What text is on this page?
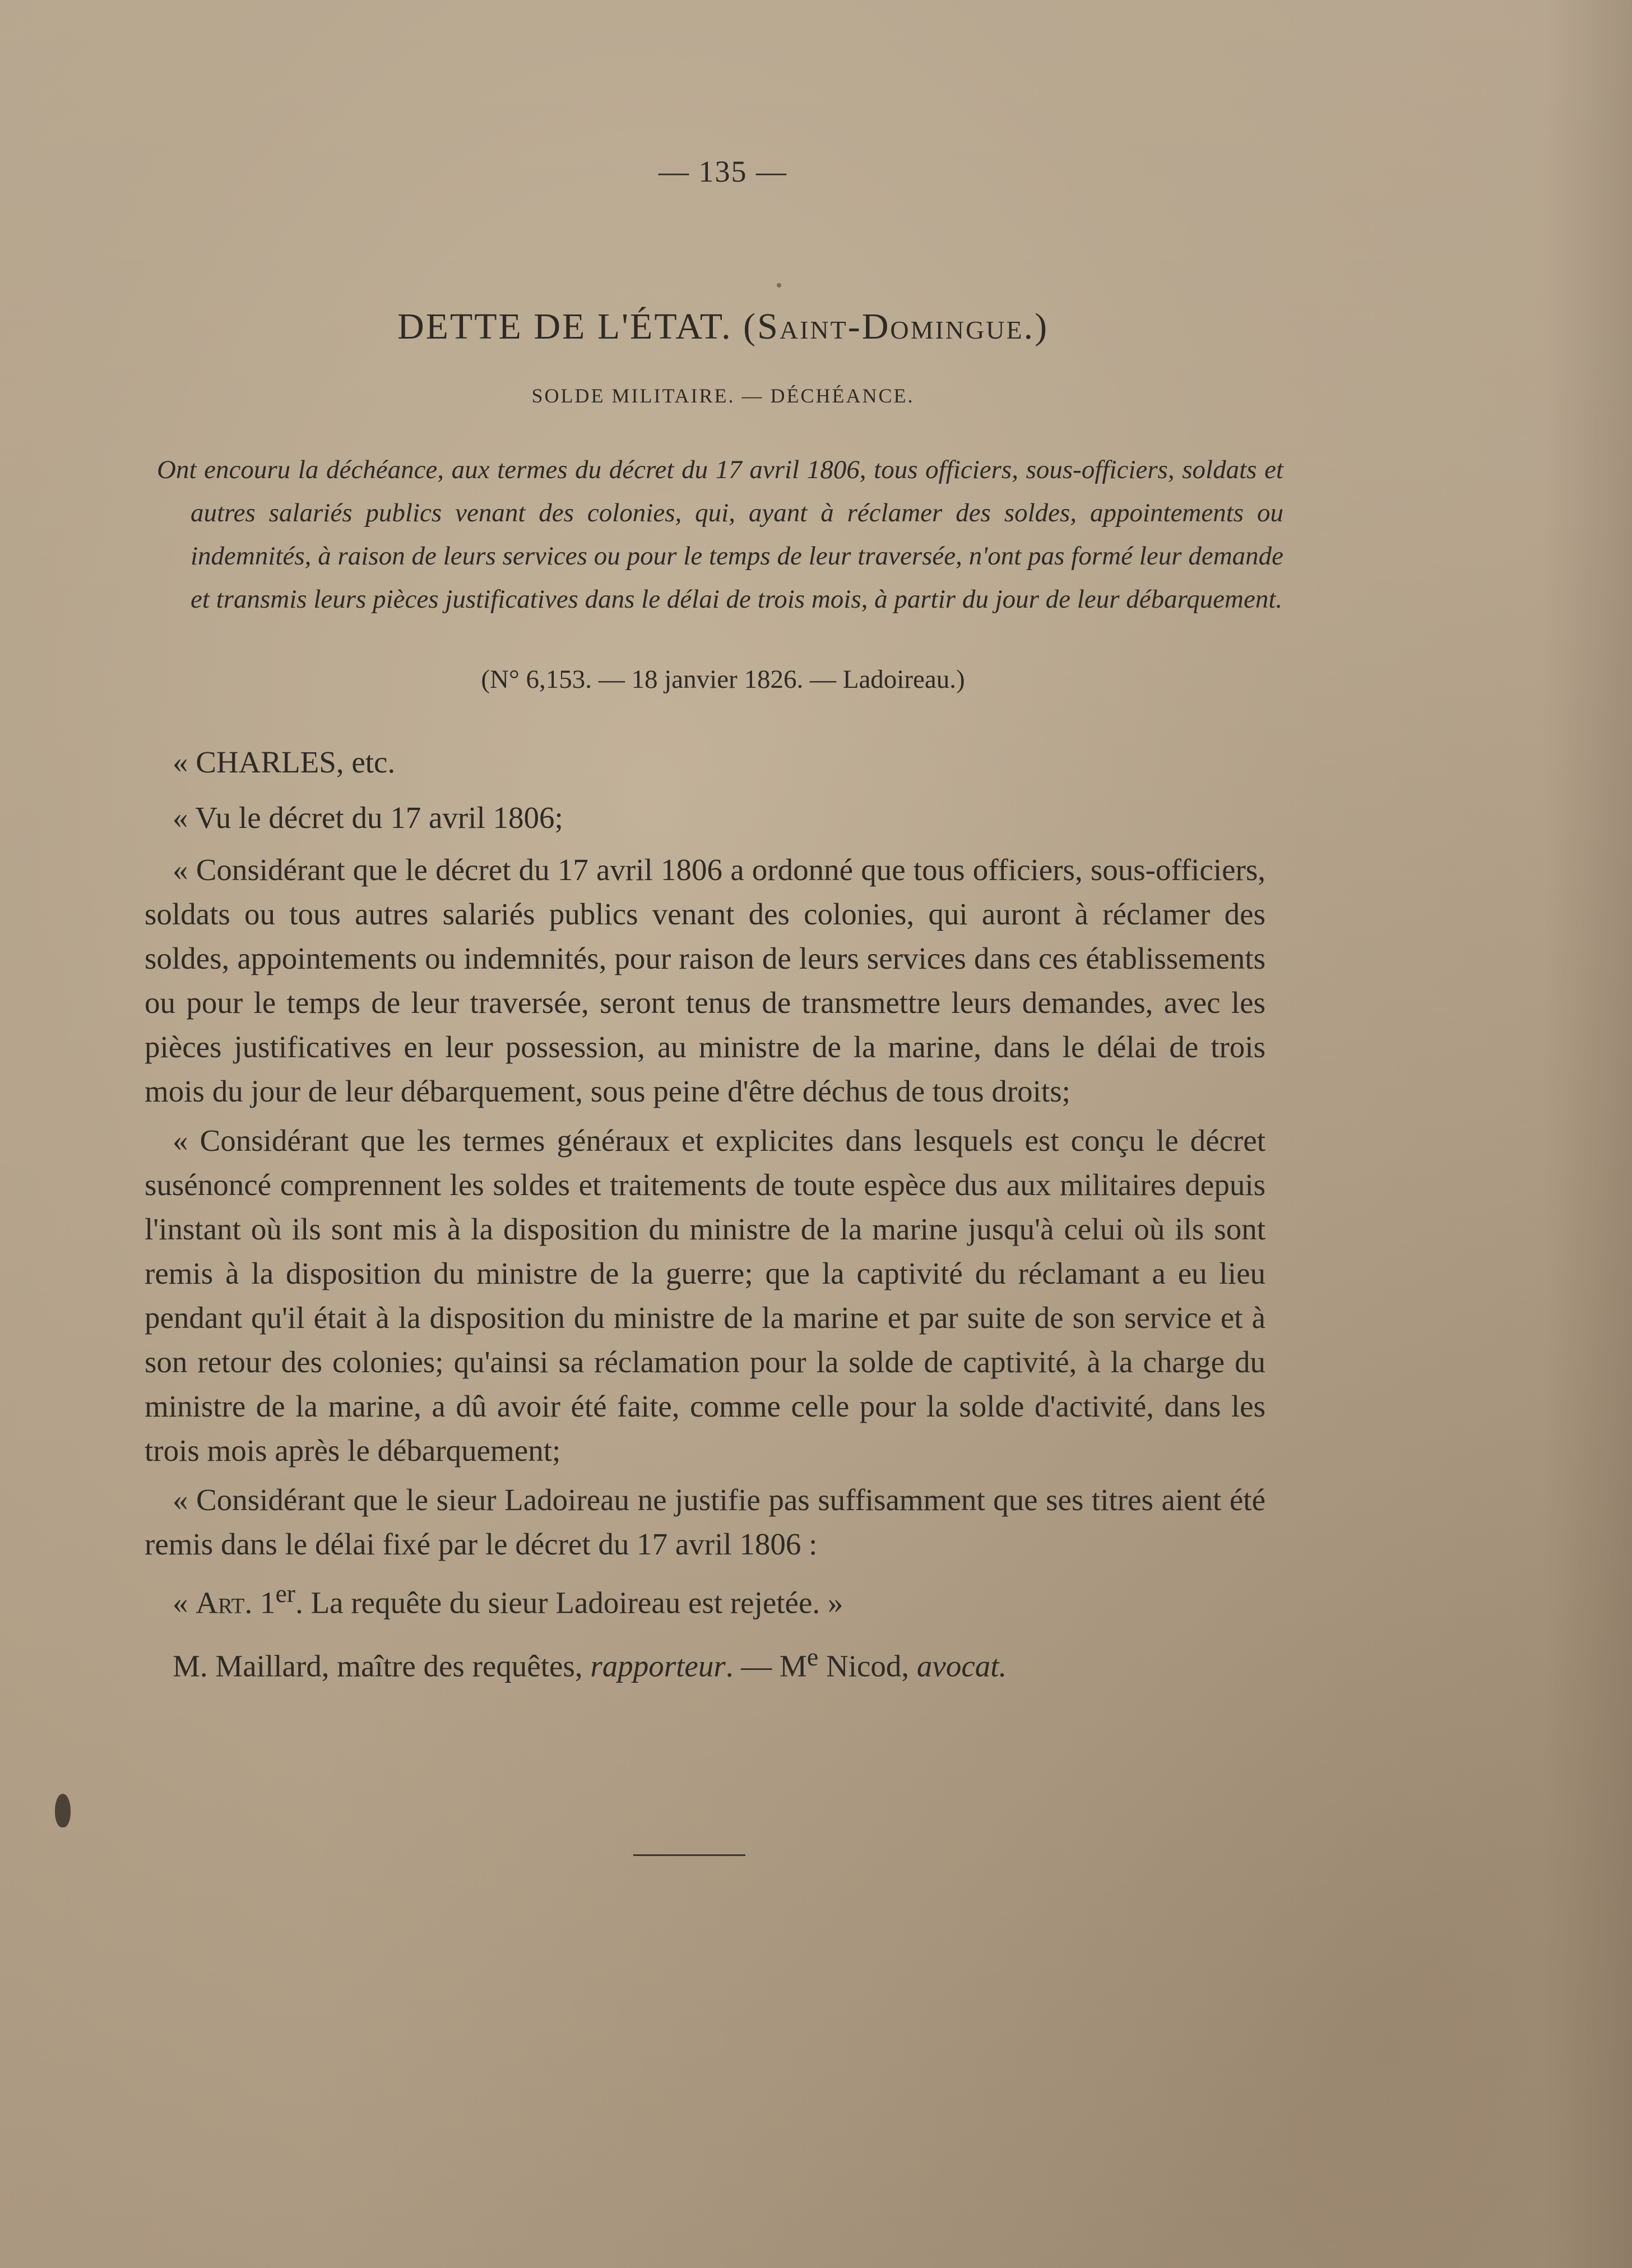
— 135 —
DETTE DE L'ÉTAT. (Saint-Domingue.)
SOLDE MILITAIRE. — DÉCHÉANCE.
Ont encouru la déchéance, aux termes du décret du 17 avril 1806, tous officiers, sous-officiers, soldats et autres salariés publics venant des colonies, qui, ayant à réclamer des soldes, appointements ou indemnités, à raison de leurs services ou pour le temps de leur traversée, n'ont pas formé leur demande et transmis leurs pièces justificatives dans le délai de trois mois, à partir du jour de leur débarquement.
(N° 6,153. — 18 janvier 1826. — Ladoireau.)

« CHARLES, etc.

« Vu le décret du 17 avril 1806;

« Considérant que le décret du 17 avril 1806 a ordonné que tous officiers, sous-officiers, soldats ou tous autres salariés publics venant des colonies, qui auront à réclamer des soldes, appointements ou indemnités, pour raison de leurs services dans ces établissements ou pour le temps de leur traversée, seront tenus de transmettre leurs demandes, avec les pièces justificatives en leur possession, au ministre de la marine, dans le délai de trois mois du jour de leur débarquement, sous peine d'être déchus de tous droits;

« Considérant que les termes généraux et explicites dans lesquels est conçu le décret susénoncé comprennent les soldes et traitements de toute espèce dus aux militaires depuis l'instant où ils sont mis à la disposition du ministre de la marine jusqu'à celui où ils sont remis à la disposition du ministre de la guerre; que la captivité du réclamant a eu lieu pendant qu'il était à la disposition du ministre de la marine et par suite de son service et à son retour des colonies; qu'ainsi sa réclamation pour la solde de captivité, à la charge du ministre de la marine, a dû avoir été faite, comme celle pour la solde d'activité, dans les trois mois après le débarquement;

« Considérant que le sieur Ladoireau ne justifie pas suffisamment que ses titres aient été remis dans le délai fixé par le décret du 17 avril 1806 :

« Art. 1er. La requête du sieur Ladoireau est rejetée. »

M. Maillard, maître des requêtes, rapporteur. — Me Nicod, avocat.
